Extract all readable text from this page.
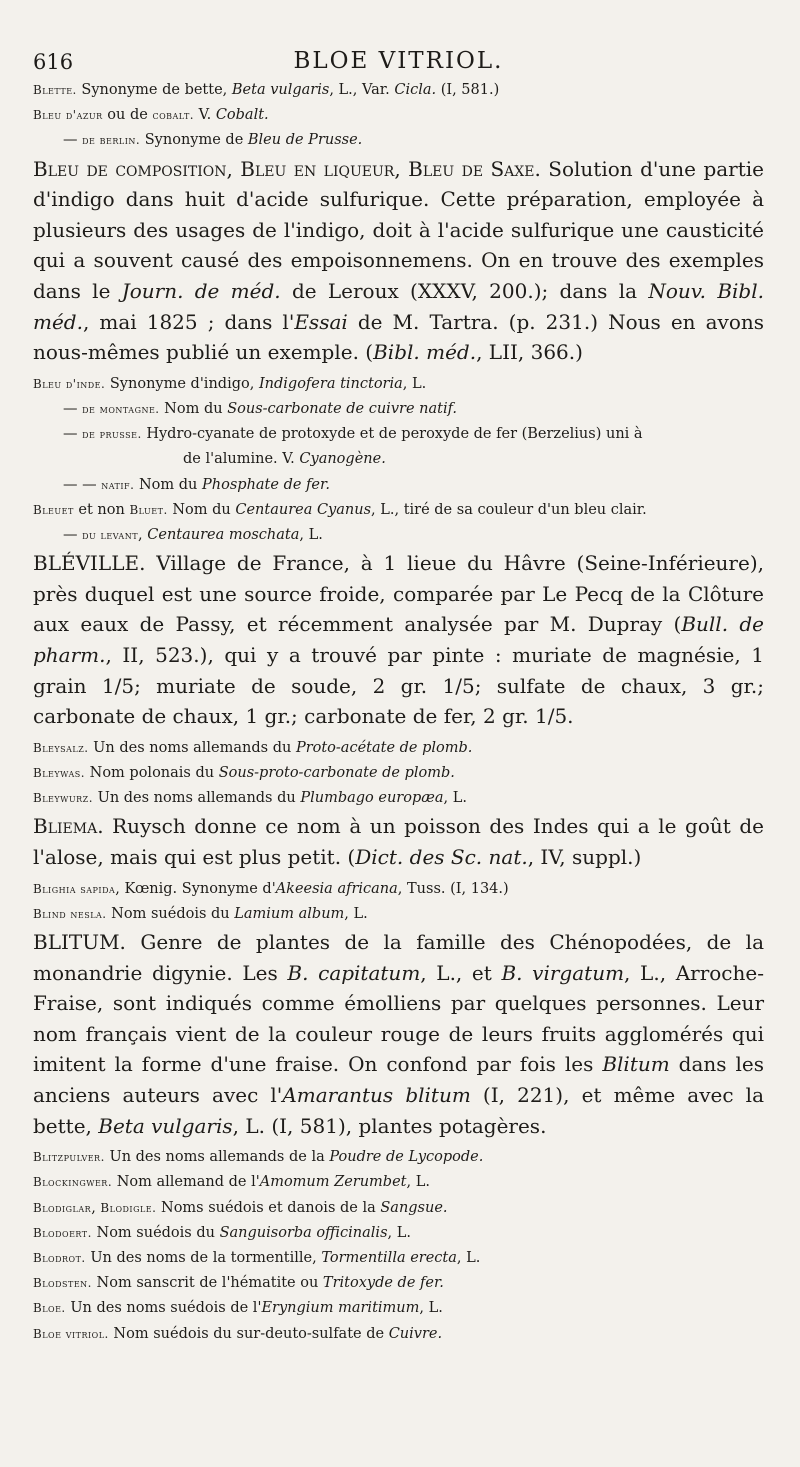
616	BLOE VITRIOL.
Blette. Synonyme de bette, Beta vulgaris, L., Var. Cicla. (I, 581.)
Bleu d'azur ou de cobalt. V. Cobalt.
— de berlin. Synonyme de Bleu de Prusse.
Bleu de composition, Bleu en liqueur, Bleu de Saxe. Solution d'une partie d'indigo dans huit d'acide sulfurique. Cette préparation, employée à plusieurs des usages de l'indigo, doit à l'acide sulfurique une causticité qui a souvent causé des empoisonnemens. On en trouve des exemples dans le Journ. de méd. de Leroux (XXXV, 200.); dans la Nouv. Bibl. méd., mai 1825 ; dans l'Essai de M. Tartra. (p. 231.) Nous en avons nous-mêmes publié un exemple. (Bibl. méd., LII, 366.)
Bleu d'inde. Synonyme d'indigo, Indigofera tinctoria, L.
— de montagne. Nom du Sous-carbonate de cuivre natif.
— de prusse. Hydro-cyanate de protoxyde et de peroxyde de fer (Berzelius) uni à
de l'alumine. V. Cyanogène.
— — natif. Nom du Phosphate de fer.
Bleuet et non Bluet. Nom du Centaurea Cyanus, L., tiré de sa couleur d'un bleu clair.
— du levant, Centaurea moschata, L.
BLÉVILLE. Village de France, à 1 lieue du Hâvre (Seine-Inférieure), près duquel est une source froide, comparée par Le Pecq de la Clôture aux eaux de Passy, et récemment analysée par M. Dupray (Bull. de pharm., II, 523.), qui y a trouvé par pinte : muriate de magnésie, 1 grain 1/5; muriate de soude, 2 gr. 1/5; sulfate de chaux, 3 gr.; carbonate de chaux, 1 gr.; carbonate de fer, 2 gr. 1/5.
Bleysalz. Un des noms allemands du Proto-acétate de plomb.
Bleywas. Nom polonais du Sous-proto-carbonate de plomb.
Bleywurz. Un des noms allemands du Plumbago europæa, L.
Bliema. Ruysch donne ce nom à un poisson des Indes qui a le goût de l'alose, mais qui est plus petit. (Dict. des Sc. nat., IV, suppl.)
Blighia sapida, Kœnig. Synonyme d'Akeesia africana, Tuss. (I, 134.)
Blind nesla. Nom suédois du Lamium album, L.
BLITUM. Genre de plantes de la famille des Chénopodées, de la monandrie digynie. Les B. capitatum, L., et B. virgatum, L., Arroche-Fraise, sont indiqués comme émolliens par quelques personnes. Leur nom français vient de la couleur rouge de leurs fruits agglomérés qui imitent la forme d'une fraise. On confond par fois les Blitum dans les anciens auteurs avec l'Amarantus blitum (I, 221), et même avec la bette, Beta vulgaris, L. (I, 581), plantes potagères.
Blitzpulver. Un des noms allemands de la Poudre de Lycopode.
Blockingwer. Nom allemand de l'Amomum Zerumbet, L.
Blodiglar, Blodigle. Noms suédois et danois de la Sangsue.
Blodoert. Nom suédois du Sanguisorba officinalis, L.
Blodrot. Un des noms de la tormentille, Tormentilla erecta, L.
Blodsten. Nom sanscrit de l'hématite ou Tritoxyde de fer.
Bloe. Un des noms suédois de l'Eryngium maritimum, L.
Bloe vitriol. Nom suédois du sur-deuto-sulfate de Cuivre.
